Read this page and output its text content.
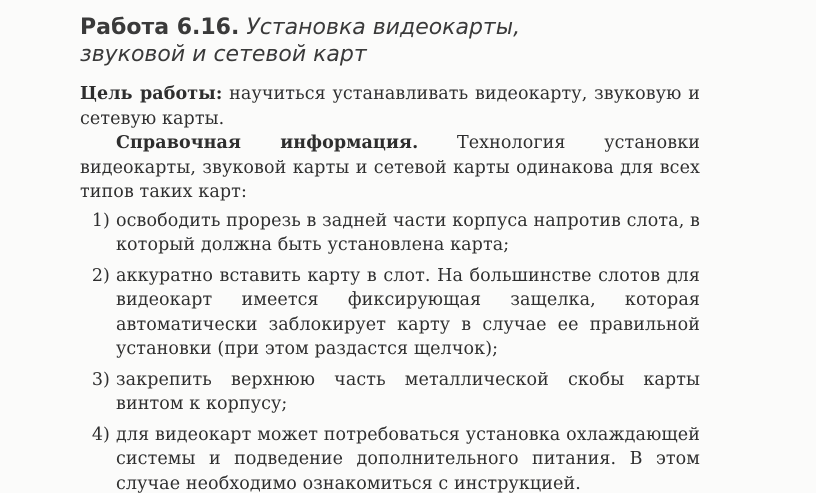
Работа 6.16. Установка видеокарты,
звуковой и сетевой карт

Цель работы: научиться устанавливать видеокарту, звуковую и сетевую карты.

Справочная информация. Технология установки видеокарты, звуковой карты и сетевой карты одинакова для всех типов таких карт:

1) освободить прорезь в задней части корпуса напротив слота, в который должна быть установлена карта;
2) аккуратно вставить карту в слот. На большинстве слотов для видеокарт имеется фиксирующая защелка, которая автоматически заблокирует карту в случае ее правильной установки (при этом раздастся щелчок);
3) закрепить верхнюю часть металлической скобы карты винтом к корпусу;
4) для видеокарт может потребоваться установка охлаждающей системы и подведение дополнительного питания. В этом случае необходимо ознакомиться с инструкцией.
